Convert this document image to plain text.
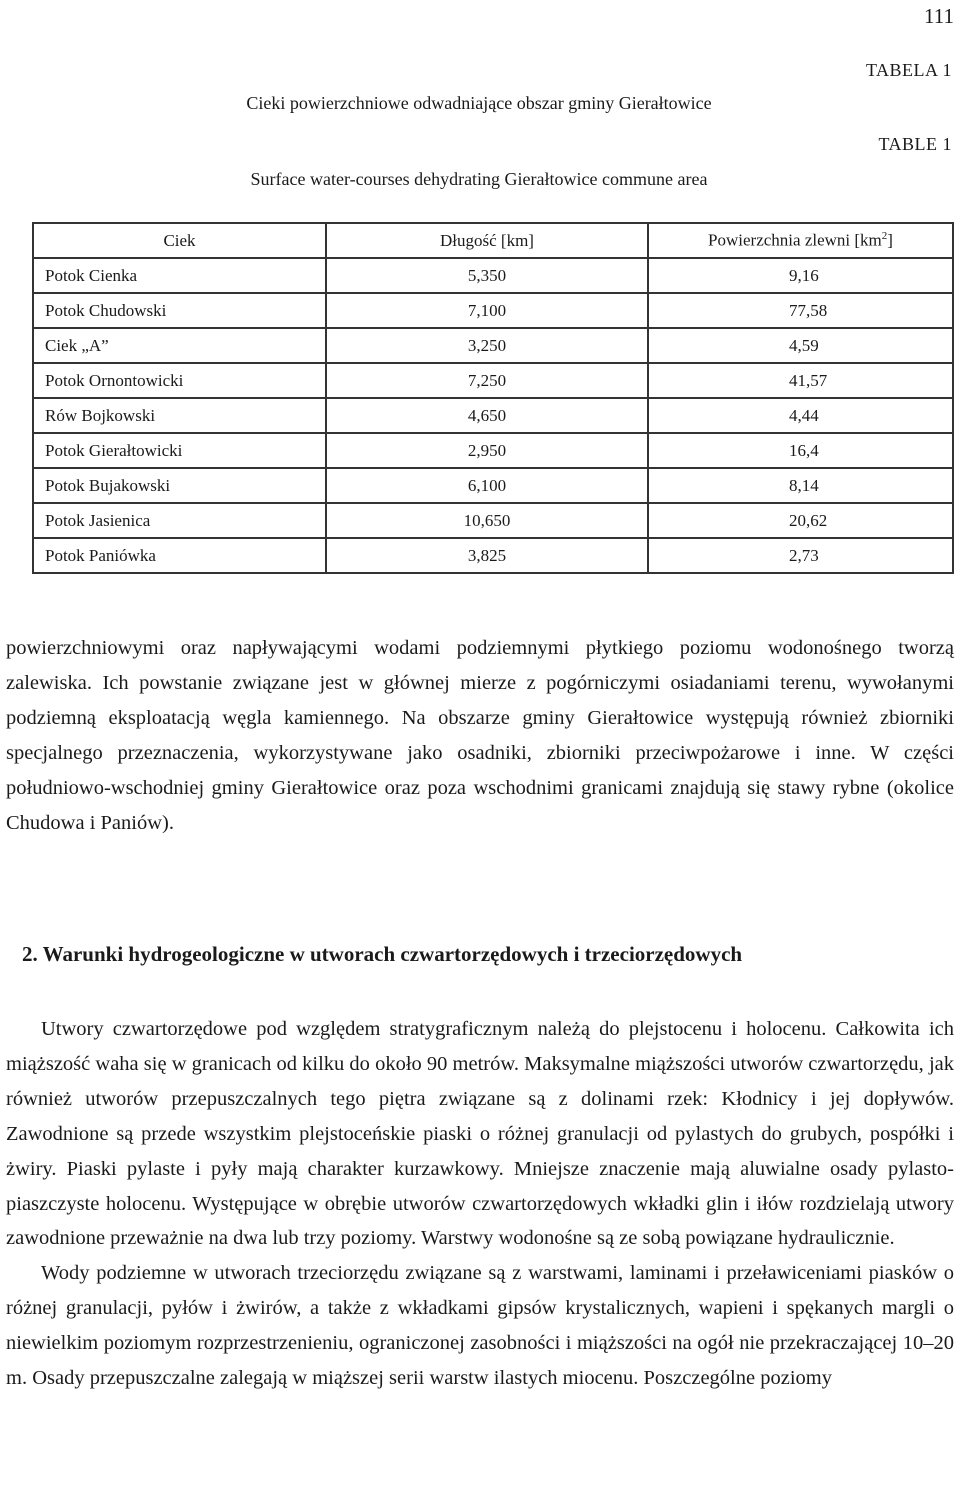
111
TABELA 1
Cieki powierzchniowe odwadniające obszar gminy Gierałtowice
TABLE 1
Surface water-courses dehydrating Gierałtowice commune area
Ciek	Długość [km]	Powierzchnia zlewni $[km^2]$
Potok Cienka	5,350	9,16
Potok Chudowski	7,100	77,58
Ciek „A”	3,250	4,59
Potok Ornontowicki	7,250	41,57
Rów Bojkowski	4,650	4,44
Potok Gierałtowicki	2,950	16,4
Potok Bujakowski	6,100	8,14
Potok Jasienica	10,650	20,62
Potok Paniówka	3,825	2,73

powierzchniowymi oraz napływającymi wodami podziemnymi płytkiego poziomu wodonośnego tworzą zalewiska. Ich powstanie związane jest w głównej mierze z pogórniczymi osiadaniami terenu, wywołanymi podziemną eksploatacją węgla kamiennego. Na obszarze gminy Gierałtowice występują również zbiorniki specjalnego przeznaczenia, wykorzystywane jako osadniki, zbiorniki przeciwpożarowe i inne. W części południowo-wschodniej gminy Gierałtowice oraz poza wschodnimi granicami znajdują się stawy rybne (okolice Chudowa i Paniów).

2. Warunki hydrogeologiczne w utworach czwartorzędowych i trzeciorzędowych

Utwory czwartorzędowe pod względem stratygraficznym należą do plejstocenu i holocenu. Całkowita ich miąższość waha się w granicach od kilku do około 90 metrów. Maksymalne miąższości utworów czwartorzędu, jak również utworów przepuszczalnych tego piętra związane są z dolinami rzek: Kłodnicy i jej dopływów. Zawodnione są przede wszystkim plejstoceńskie piaski o różnej granulacji od pylastych do grubych, pospółki i żwiry. Piaski pylaste i pyły mają charakter kurzawkowy. Mniejsze znaczenie mają aluwialne osady pylasto-piaszczyste holocenu. Występujące w obrębie utworów czwartorzędowych wkładki glin i iłów rozdzielają utwory zawodnione przeważnie na dwa lub trzy poziomy. Warstwy wodonośne są ze sobą powiązane hydraulicznie.

Wody podziemne w utworach trzeciorzędu związane są z warstwami, laminami i przeławiceniami piasków o różnej granulacji, pyłów i żwirów, a także z wkładkami gipsów krystalicznych, wapieni i spękanych margli o niewielkim poziomym rozprzestrzenieniu, ograniczonej zasobności i miąższości na ogół nie przekraczającej 10–20 m. Osady przepuszczalne zalegają w miąższej serii warstw ilastych miocenu. Poszczególne poziomy
